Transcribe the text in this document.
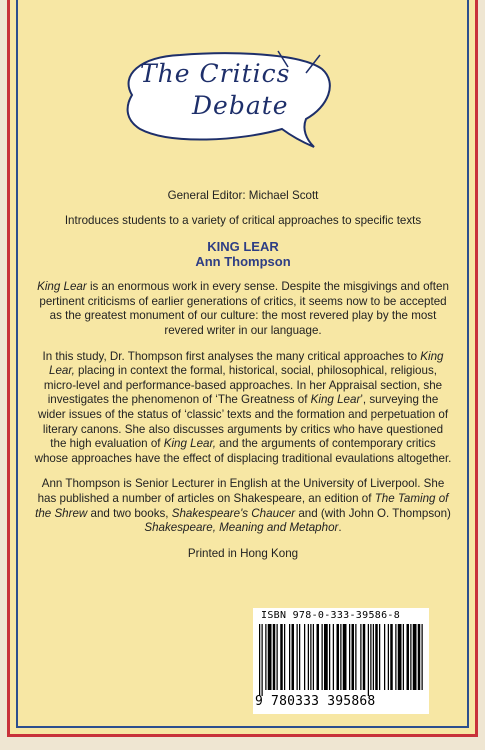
The Critics
Debate

General Editor: Michael Scott

Introduces students to a variety of critical approaches to specific texts

KING LEAR

Ann Thompson

King Lear is an enormous work in every sense. Despite the misgivings and often pertinent criticisms of earlier generations of critics, it seems now to be accepted as the greatest monument of our culture: the most revered play by the most revered writer in our language.

In this study, Dr. Thompson first analyses the many critical approaches to King Lear, placing in context the formal, historical, social, philosophical, religious, micro-level and performance-based approaches. In her Appraisal section, she investigates the phenomenon of ‘The Greatness of King Lear’, surveying the wider issues of the status of ‘classic’ texts and the formation and perpetuation of literary canons. She also discusses arguments by critics who have questioned the high evaluation of King Lear, and the arguments of contemporary critics whose approaches have the effect of displacing traditional evaulations altogether.

Ann Thompson is Senior Lecturer in English at the University of Liverpool. She has published a number of articles on Shakespeare, an edition of The Taming of the Shrew and two books, Shakespeare's Chaucer and (with John O. Thompson) Shakespeare, Meaning and Metaphor.

Printed in Hong Kong

ISBN 978-0-333-39586-8
9 780333 395868
